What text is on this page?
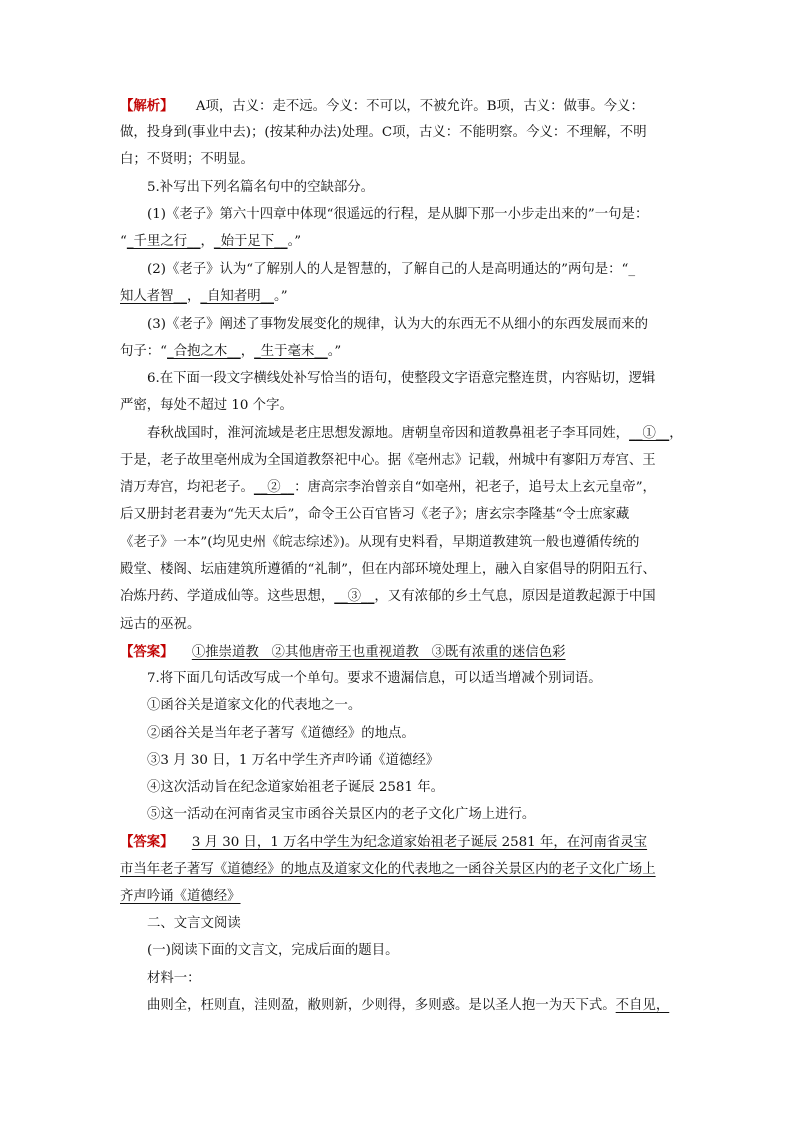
【解析】 A项，古义：走不远。今义：不可以，不被允许。B项，古义：做事。今义：
做，投身到(事业中去)；(按某种办法)处理。C项，古义：不能明察。今义：不理解，不明
白；不贤明；不明显。
5.补写出下列名篇名句中的空缺部分。
(1)《老子》第六十四章中体现“很遥远的行程，是从脚下那一小步走出来的”一句是：
“_千里之行__，_始于足下__。”
(2)《老子》认为“了解别人的人是智慧的，了解自己的人是高明通达的”两句是：“_
知人者智__，_自知者明__。”
(3)《老子》阐述了事物发展变化的规律，认为大的东西无不从细小的东西发展而来的
句子：“_合抱之木__，_生于毫末__。”
6.在下面一段文字横线处补写恰当的语句，使整段文字语意完整连贯，内容贴切，逻辑
严密，每处不超过 10 个字。
春秋战国时，淮河流域是老庄思想发源地。唐朝皇帝因和道教鼻祖老子李耳同姓，__①__，
于是，老子故里亳州成为全国道教祭祀中心。据《亳州志》记载，州城中有寥阳万寿宫、王
清万寿宫，均祀老子。__②__：唐高宗李治曾亲自“如亳州，祀老子，追号太上玄元皇帝”，
后又册封老君妻为“先天太后”，命令王公百官皆习《老子》；唐玄宗李隆基“令士庶家藏
《老子》一本”(均见史州《皖志综述》)。从现有史料看，早期道教建筑一般也遵循传统的
殿堂、楼阁、坛庙建筑所遵循的“礼制”，但在内部环境处理上，融入自家倡导的阴阳五行、
冶炼丹药、学道成仙等。这些思想，__③__，又有浓郁的乡土气息，原因是道教起源于中国
远古的巫祝。
【答案】 ①推崇道教   ②其他唐帝王也重视道教   ③既有浓重的迷信色彩
7.将下面几句话改写成一个单句。要求不遗漏信息，可以适当增减个别词语。
①函谷关是道家文化的代表地之一。
②函谷关是当年老子著写《道德经》的地点。
③3 月 30 日，1 万名中学生齐声吟诵《道德经》
④这次活动旨在纪念道家始祖老子诞辰 2581 年。
⑤这一活动在河南省灵宝市函谷关景区内的老子文化广场上进行。
【答案】 3 月 30 日，1 万名中学生为纪念道家始祖老子诞辰 2581 年，在河南省灵宝
市当年老子著写《道德经》的地点及道家文化的代表地之一函谷关景区内的老子文化广场上
齐声吟诵《道德经》
二、文言文阅读
(一)阅读下面的文言文，完成后面的题目。
材料一：
曲则全，枉则直，洼则盈，敝则新，少则得，多则惑。是以圣人抱一为天下式。不自见，
